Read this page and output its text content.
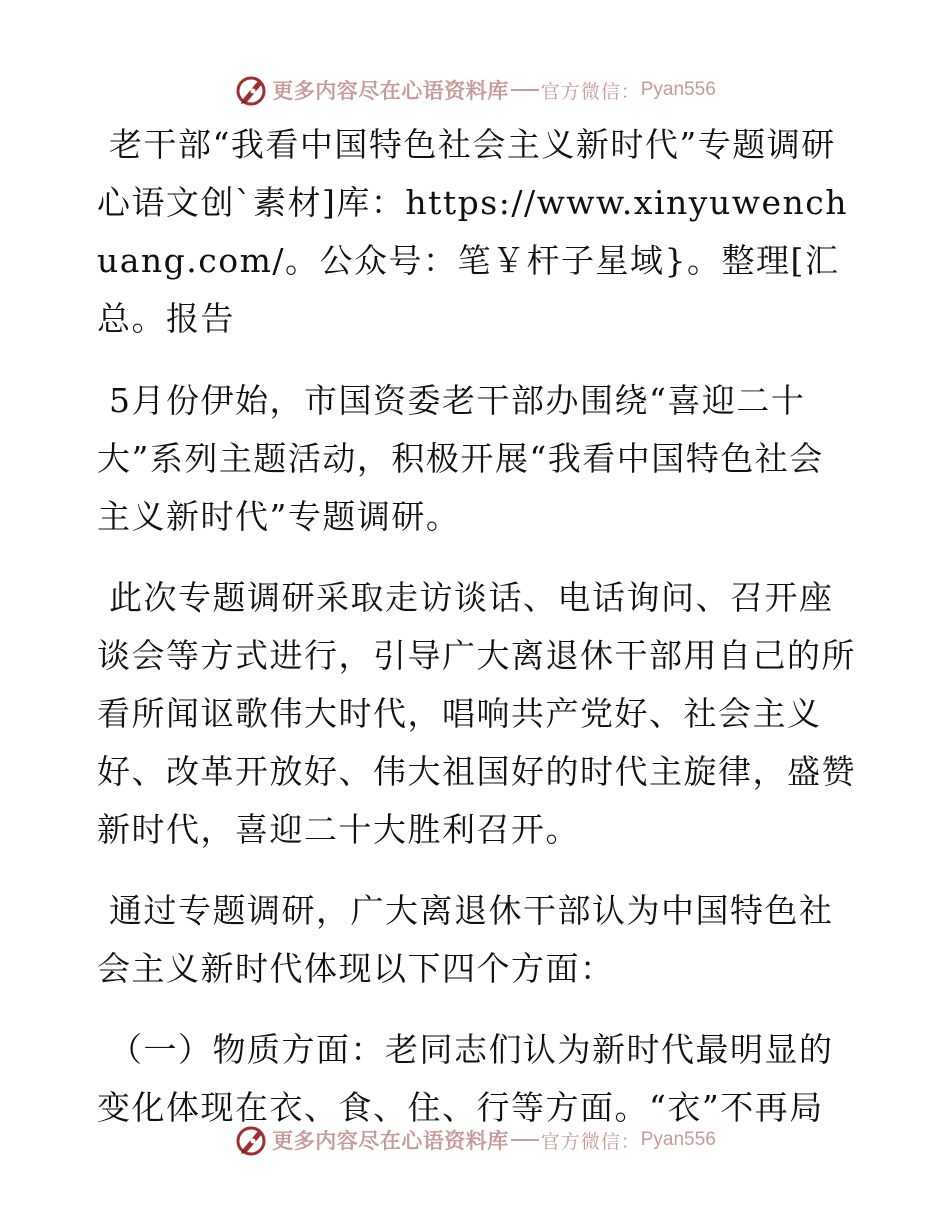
更多内容尽在心语资料库 官方微信： Pyan556

老干部“我看中国特色社会主义新时代”专题调研心语文创`素材]库：https://www.xinyuwenchuang.com/。公众号：笔￥杆子星域}。整理[汇总。报告

5月份伊始，市国资委老干部办围绕“喜迎二十大”系列主题活动，积极开展“我看中国特色社会主义新时代”专题调研。

此次专题调研采取走访谈话、电话询问、召开座谈会等方式进行，引导广大离退休干部用自己的所看所闻讴歌伟大时代，唱响共产党好、社会主义好、改革开放好、伟大祖国好的时代主旋律，盛赞新时代，喜迎二十大胜利召开。

通过专题调研，广大离退休干部认为中国特色社会主义新时代体现以下四个方面：

（一）物质方面：老同志们认为新时代最明显的变化体现在衣、食、住、行等方面。“衣”不再局

更多内容尽在心语资料库 官方微信： Pyan556
